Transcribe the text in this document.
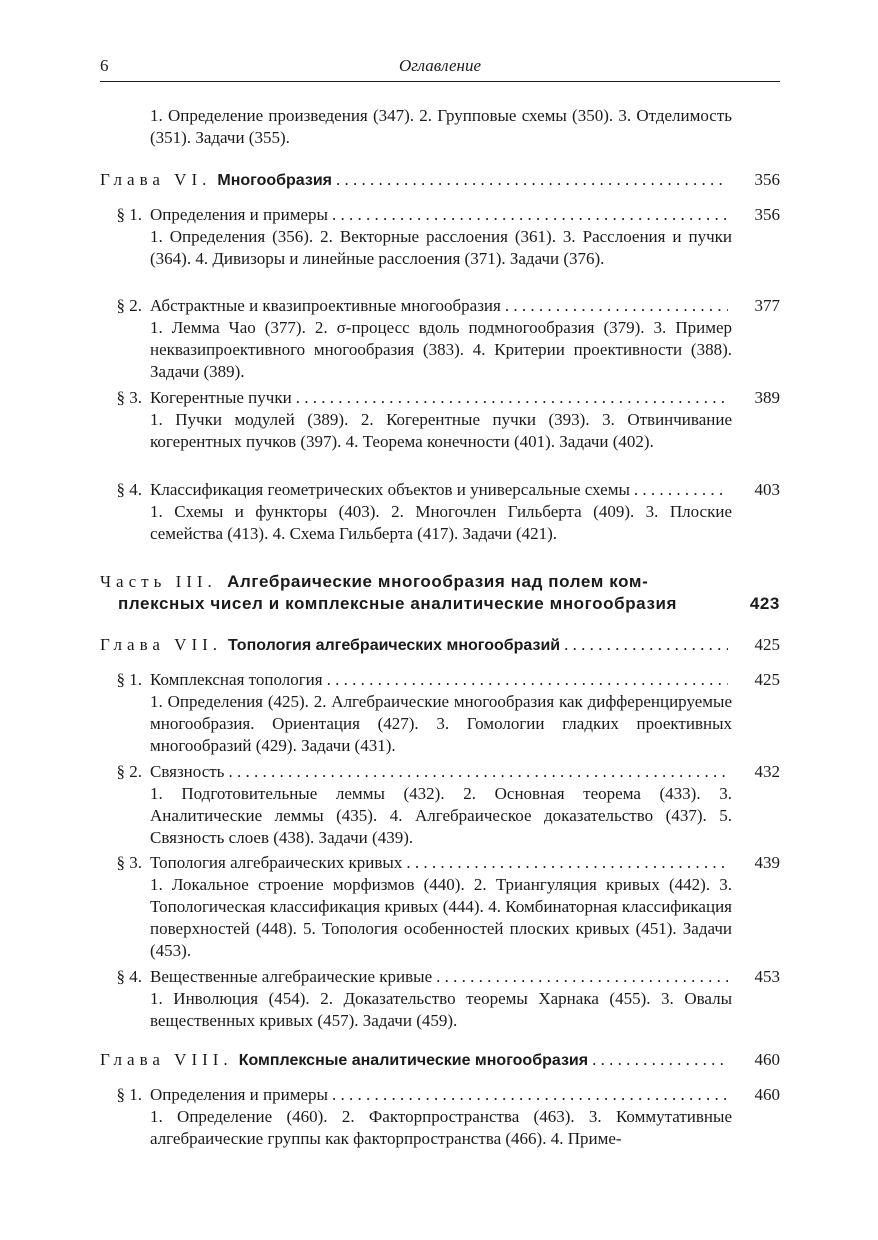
6	Оглавление
1. Определение произведения (347). 2. Групповые схемы (350). 3. Отделимость (351). Задачи (355).
Глава VI. Многообразия . . .	356
§ 1. Определения и примеры . . .	356
1. Определения (356). 2. Векторные расслоения (361). 3. Расслоения и пучки (364). 4. Дивизоры и линейные расслоения (371). Задачи (376).
§ 2. Абстрактные и квазипроективные многообразия . . .	377
1. Лемма Чао (377). 2. σ-процесс вдоль подмногообразия (379). 3. Пример неквазипроективного многообразия (383). 4. Критерии проективности (388). Задачи (389).
§ 3. Когерентные пучки . . .	389
1. Пучки модулей (389). 2. Когерентные пучки (393). 3. Отвинчивание когерентных пучков (397). 4. Теорема конечности (401). Задачи (402).
§ 4. Классификация геометрических объектов и универсальные схемы . . .	403
1. Схемы и функторы (403). 2. Многочлен Гильберта (409). 3. Плоские семейства (413). 4. Схема Гильберта (417). Задачи (421).
Часть III. Алгебраические многообразия над полем ком-
плексных чисел и комплексные аналитические многообразия	423
Глава VII. Топология алгебраических многообразий . . .	425
§ 1. Комплексная топология . . .	425
1. Определения (425). 2. Алгебраические многообразия как дифференцируемые многообразия. Ориентация (427). 3. Гомологии гладких проективных многообразий (429). Задачи (431).
§ 2. Связность . . .	432
1. Подготовительные леммы (432). 2. Основная теорема (433). 3. Аналитические леммы (435). 4. Алгебраическое доказательство (437). 5. Связность слоев (438). Задачи (439).
§ 3. Топология алгебраических кривых . . .	439
1. Локальное строение морфизмов (440). 2. Триангуляция кривых (442). 3. Топологическая классификация кривых (444). 4. Комбинаторная классификация поверхностей (448). 5. Топология особенностей плоских кривых (451). Задачи (453).
§ 4. Вещественные алгебраические кривые . . .	453
1. Инволюция (454). 2. Доказательство теоремы Харнака (455). 3. Овалы вещественных кривых (457). Задачи (459).
Глава VIII. Комплексные аналитические многообразия . . .	460
§ 1. Определения и примеры . . .	460
1. Определение (460). 2. Факторпространства (463). 3. Коммутативные алгебраические группы как факторпространства (466). 4. Приме-
